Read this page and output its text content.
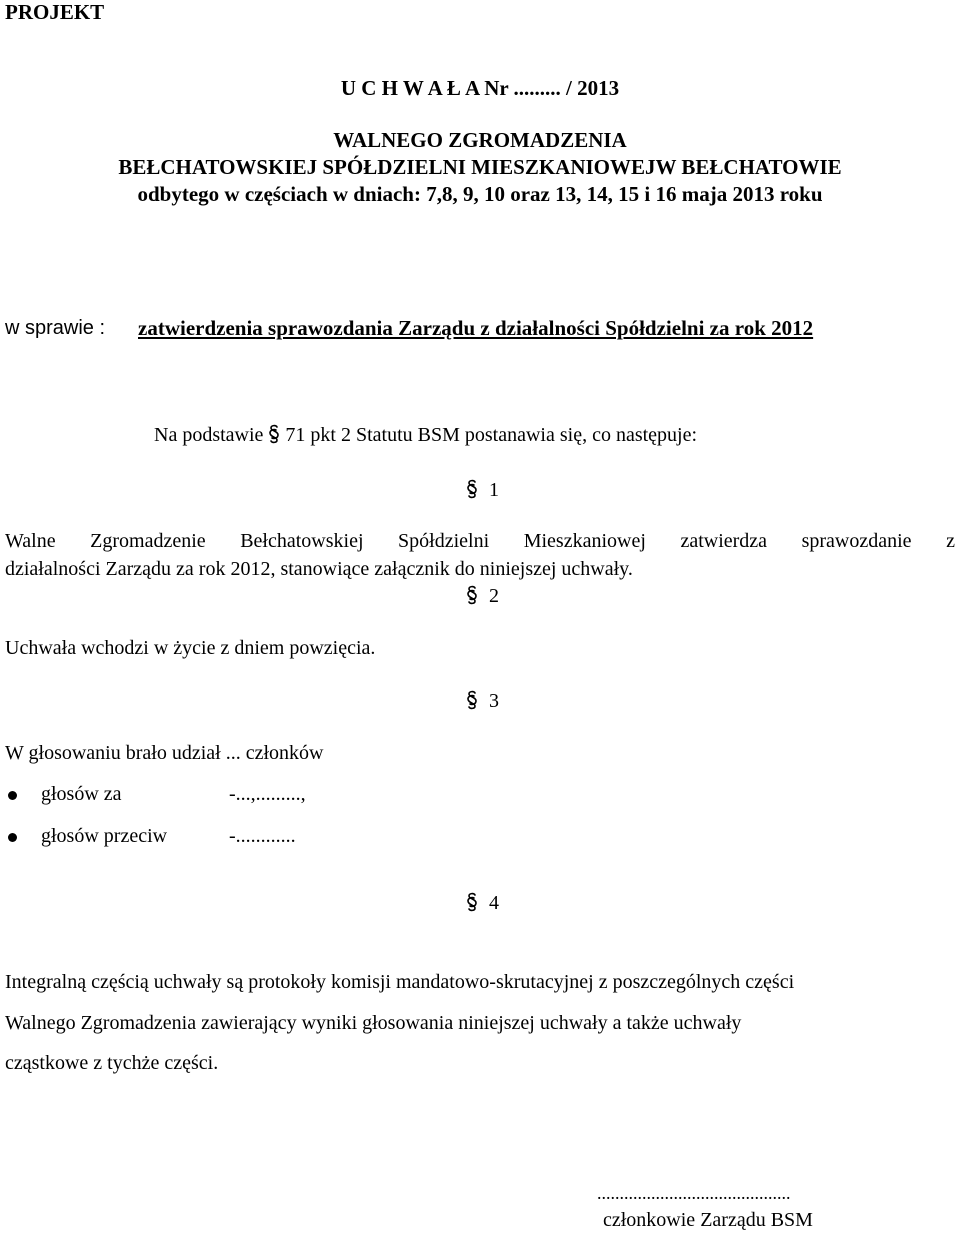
PROJEKT
U C H W A Ł A Nr ......... / 2013
WALNEGO ZGROMADZENIA
BEŁCHATOWSKIEJ SPÓŁDZIELNI MIESZKANIOWEJW BEŁCHATOWIE
odbytego w częściach w dniach: 7,8, 9, 10 oraz 13, 14, 15 i 16 maja 2013 roku
w sprawie : zatwierdzenia sprawozdania Zarządu z działalności Spółdzielni za rok 2012
Na podstawie 71 pkt 2 Statutu BSM postanawia się, co następuje:
1
Walne Zgromadzenie Bełchatowskiej Spółdzielni Mieszkaniowej zatwierdza sprawozdanie z
działalności Zarządu za rok 2012, stanowiące załącznik do niniejszej uchwały.
2
Uchwała wchodzi w życie z dniem powzięcia.
3
W głosowaniu brało udział ... członków
głosów za	-...,.........,
głosów przeciw	-............
4
Integralną częścią uchwały są protokoły komisji mandatowo-skrutacyjnej z poszczególnych części
Walnego Zgromadzenia zawierający wyniki głosowania niniejszej uchwały a także uchwały
cząstkowe z tychże części.
...........................................
członkowie Zarządu BSM
